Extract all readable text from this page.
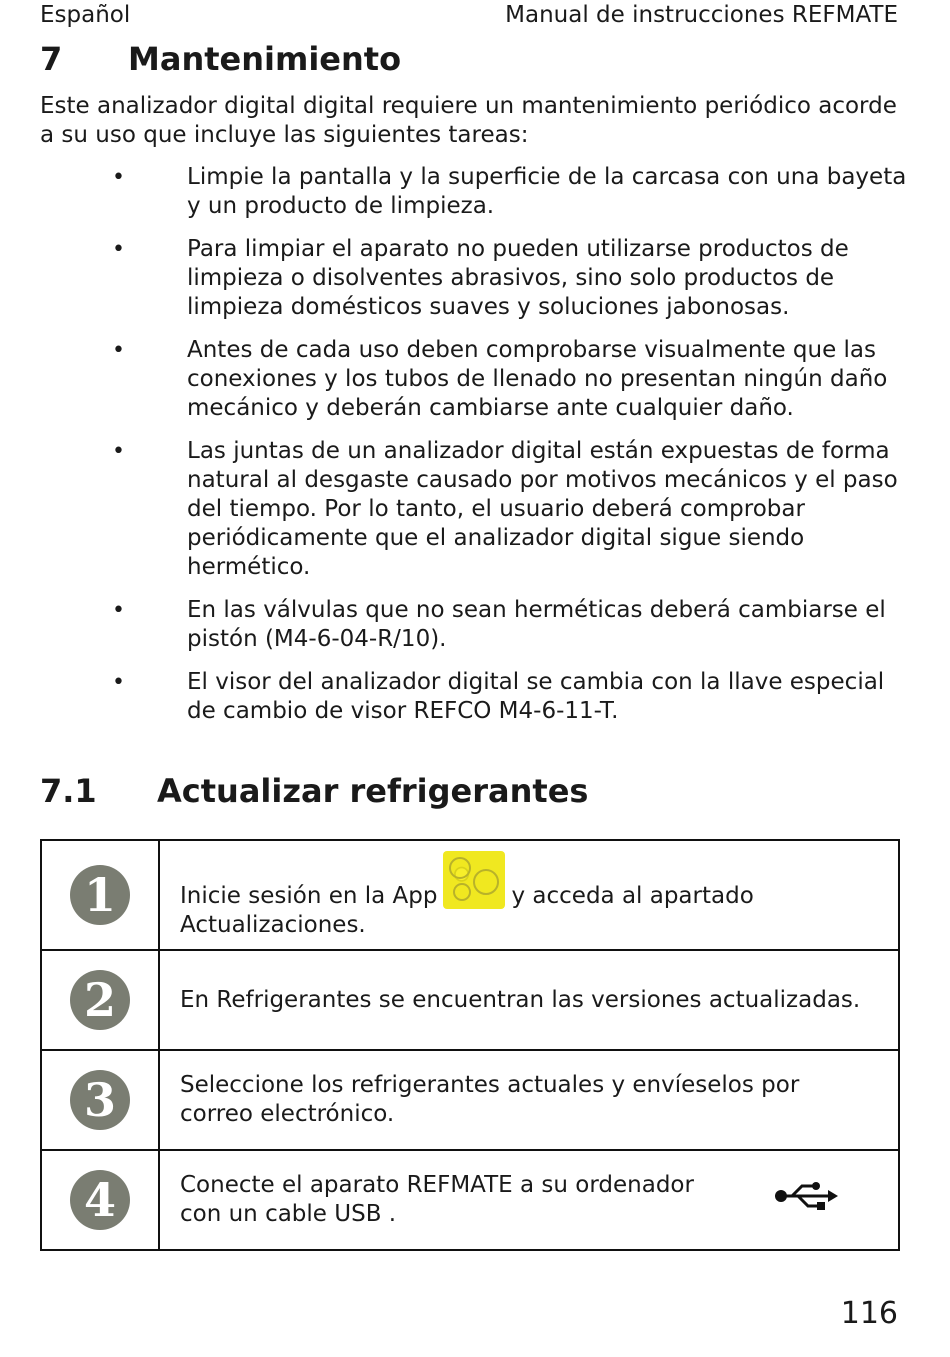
Español	Manual de instrucciones REFMATE
7 Mantenimiento

Este analizador digital digital requiere un mantenimiento periódico acorde a su uso que incluye las siguientes tareas:

•	Limpie la pantalla y la superficie de la carcasa con una bayeta y un producto de limpieza.
•	Para limpiar el aparato no pueden utilizarse productos de limpieza o disolventes abrasivos, sino solo productos de limpieza domésticos suaves y soluciones jabonosas.
•	Antes de cada uso deben comprobarse visualmente que las conexiones y los tubos de llenado no presentan ningún daño mecánico y deberán cambiarse ante cualquier daño.
•	Las juntas de un analizador digital están expuestas de forma natural al desgaste causado por motivos mecánicos y el paso del tiempo. Por lo tanto, el usuario deberá comprobar periódicamente que el analizador digital sigue siendo hermético.
•	En las válvulas que no sean herméticas deberá cambiarse el pistón (M4-6-04-R/10).
•	El visor del analizador digital se cambia con la llave especial de cambio de visor REFCO M4-6-11-T.
7.1 Actualizar refrigerantes
1	Inicie sesión en la App y acceda al apartado Actualizaciones.
2	En Refrigerantes se encuentran las versiones actualizadas.
3	Seleccione los refrigerantes actuales y envíeselos por correo electrónico.
4	Conecte el aparato REFMATE a su ordenador con un cable USB .
116
